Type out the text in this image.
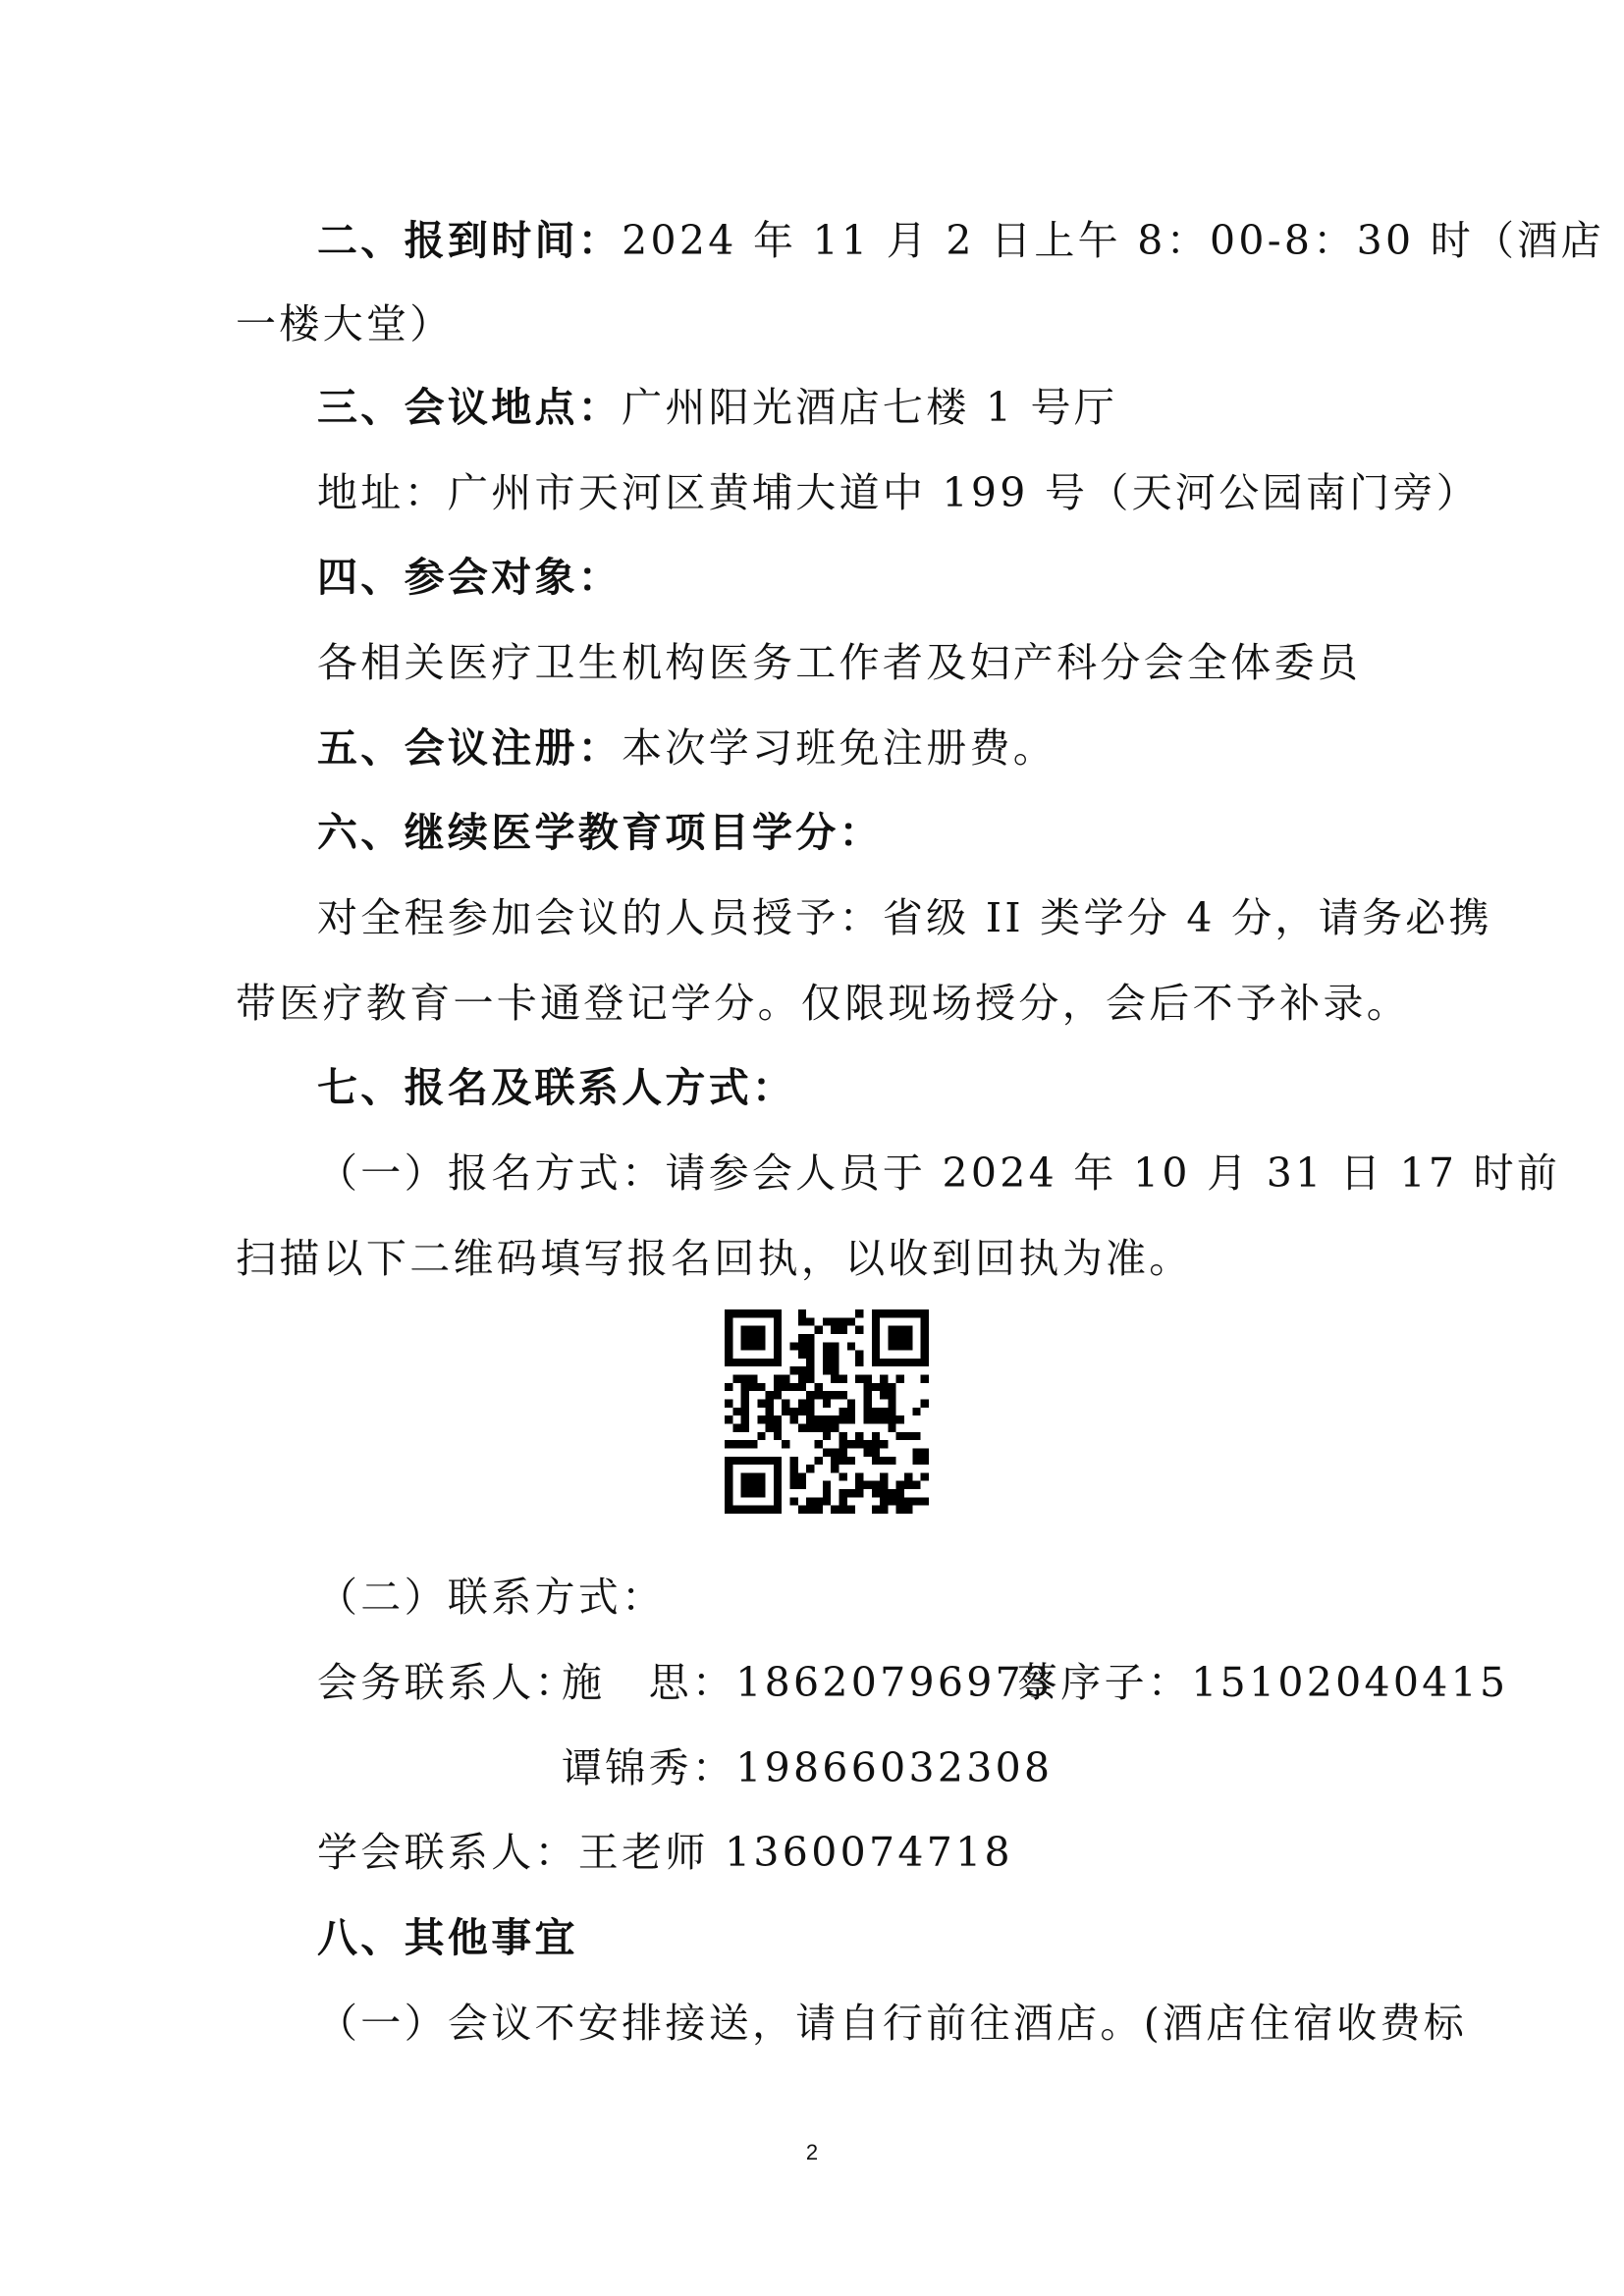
二、报到时间：2024 年 11 月 2 日上午 8：00-8：30 时（酒店
一楼大堂）
三、会议地点：广州阳光酒店七楼 1 号厅
地址：广州市天河区黄埔大道中 199 号（天河公园南门旁）
四、参会对象：
各相关医疗卫生机构医务工作者及妇产科分会全体委员
五、会议注册：本次学习班免注册费。
六、继续医学教育项目学分：
对全程参加会议的人员授予：省级 II 类学分 4 分，请务必携
带医疗教育一卡通登记学分。仅限现场授分，会后不予补录。
七、报名及联系人方式：
（一）报名方式：请参会人员于 2024 年 10 月 31 日 17 时前
扫描以下二维码填写报名回执，以收到回执为准。
（二）联系方式：
会务联系人：
施　思：18620796973
蔡序子：15102040415
谭锦秀：19866032308
学会联系人：王老师 1360074718
八、其他事宜
（一）会议不安排接送，请自行前往酒店。(酒店住宿收费标
2
